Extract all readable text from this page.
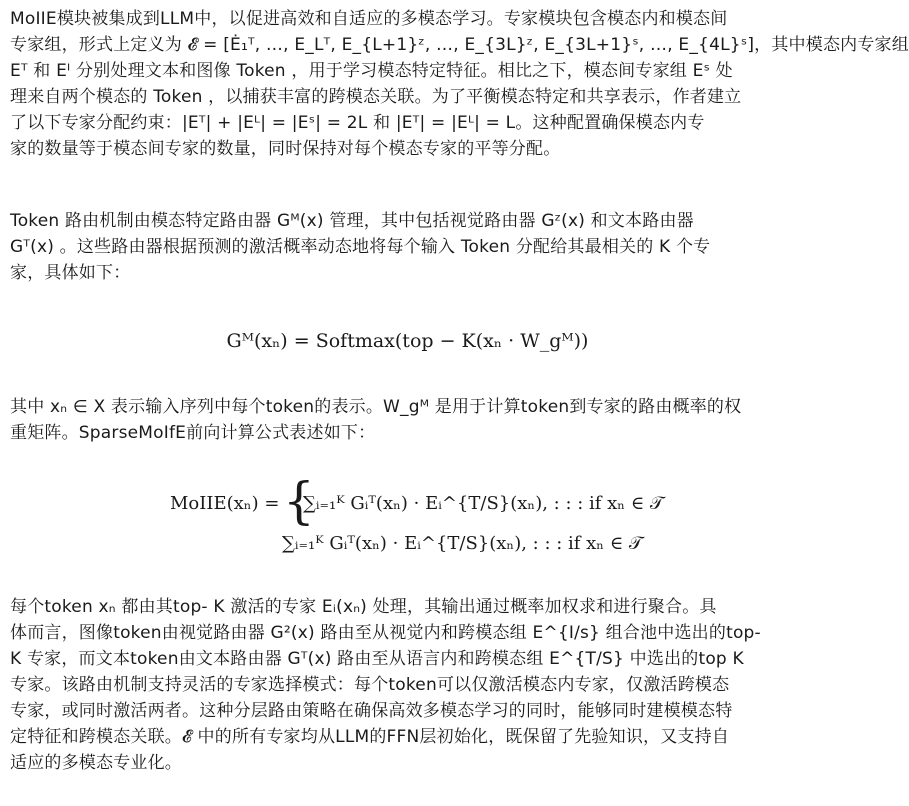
MoIIE模块被集成到LLM中，以促进高效和自适应的多模态学习。专家模块包含模态内和模态间
专家组，形式上定义为 𝓔 = [Ė₁ᵀ, …, E_Lᵀ, E_{L+1}ᶻ, …, E_{3L}ᶻ, E_{3L+1}ˢ, …, E_{4L}ˢ]，其中模态内专家组
Eᵀ 和 Eᴵ 分别处理文本和图像 Token ，用于学习模态特定特征。相比之下，模态间专家组 Eˢ 处
理来自两个模态的 Token ，以捕获丰富的跨模态关联。为了平衡模态特定和共享表示，作者建立
了以下专家分配约束：|Eᵀ| + |Eᴸ| = |Eˢ| = 2L 和 |Eᵀ| = |Eᴸ| = L。这种配置确保模态内专
家的数量等于模态间专家的数量，同时保持对每个模态专家的平等分配。
Token 路由机制由模态特定路由器 Gᴹ(x) 管理，其中包括视觉路由器 Gᶻ(x) 和文本路由器
Gᵀ(x) 。这些路由器根据预测的激活概率动态地将每个输入 Token 分配给其最相关的 K 个专
家，具体如下：
Gᴹ(xₙ) = Softmax(top − K(xₙ · W_gᴹ))
其中 xₙ ∈ X 表示输入序列中每个token的表示。W_gᴹ 是用于计算token到专家的路由概率的权
重矩阵。SparseMoIfE前向计算公式表述如下：
MoIIE(xₙ) = {
∑ᵢ₌₁ᴷ Gᵢᵀ(xₙ) · Eᵢ^{T/S}(xₙ), : : : if xₙ ∈ 𝒯
∑ᵢ₌₁ᴷ Gᵢᵀ(xₙ) · Eᵢ^{T/S}(xₙ), : : : if xₙ ∈ 𝒯
每个token xₙ 都由其top- K 激活的专家 Eᵢ(xₙ) 处理，其输出通过概率加权求和进行聚合。具
体而言，图像token由视觉路由器 G²(x) 路由至从视觉内和跨模态组 E^{I/s} 组合池中选出的top-
K 专家，而文本token由文本路由器 Gᵀ(x) 路由至从语言内和跨模态组 E^{T/S} 中选出的top K
专家。该路由机制支持灵活的专家选择模式：每个token可以仅激活模态内专家，仅激活跨模态
专家，或同时激活两者。这种分层路由策略在确保高效多模态学习的同时，能够同时建模模态特
定特征和跨模态关联。𝓔 中的所有专家均从LLM的FFN层初始化，既保留了先验知识，又支持自
适应的多模态专业化。
